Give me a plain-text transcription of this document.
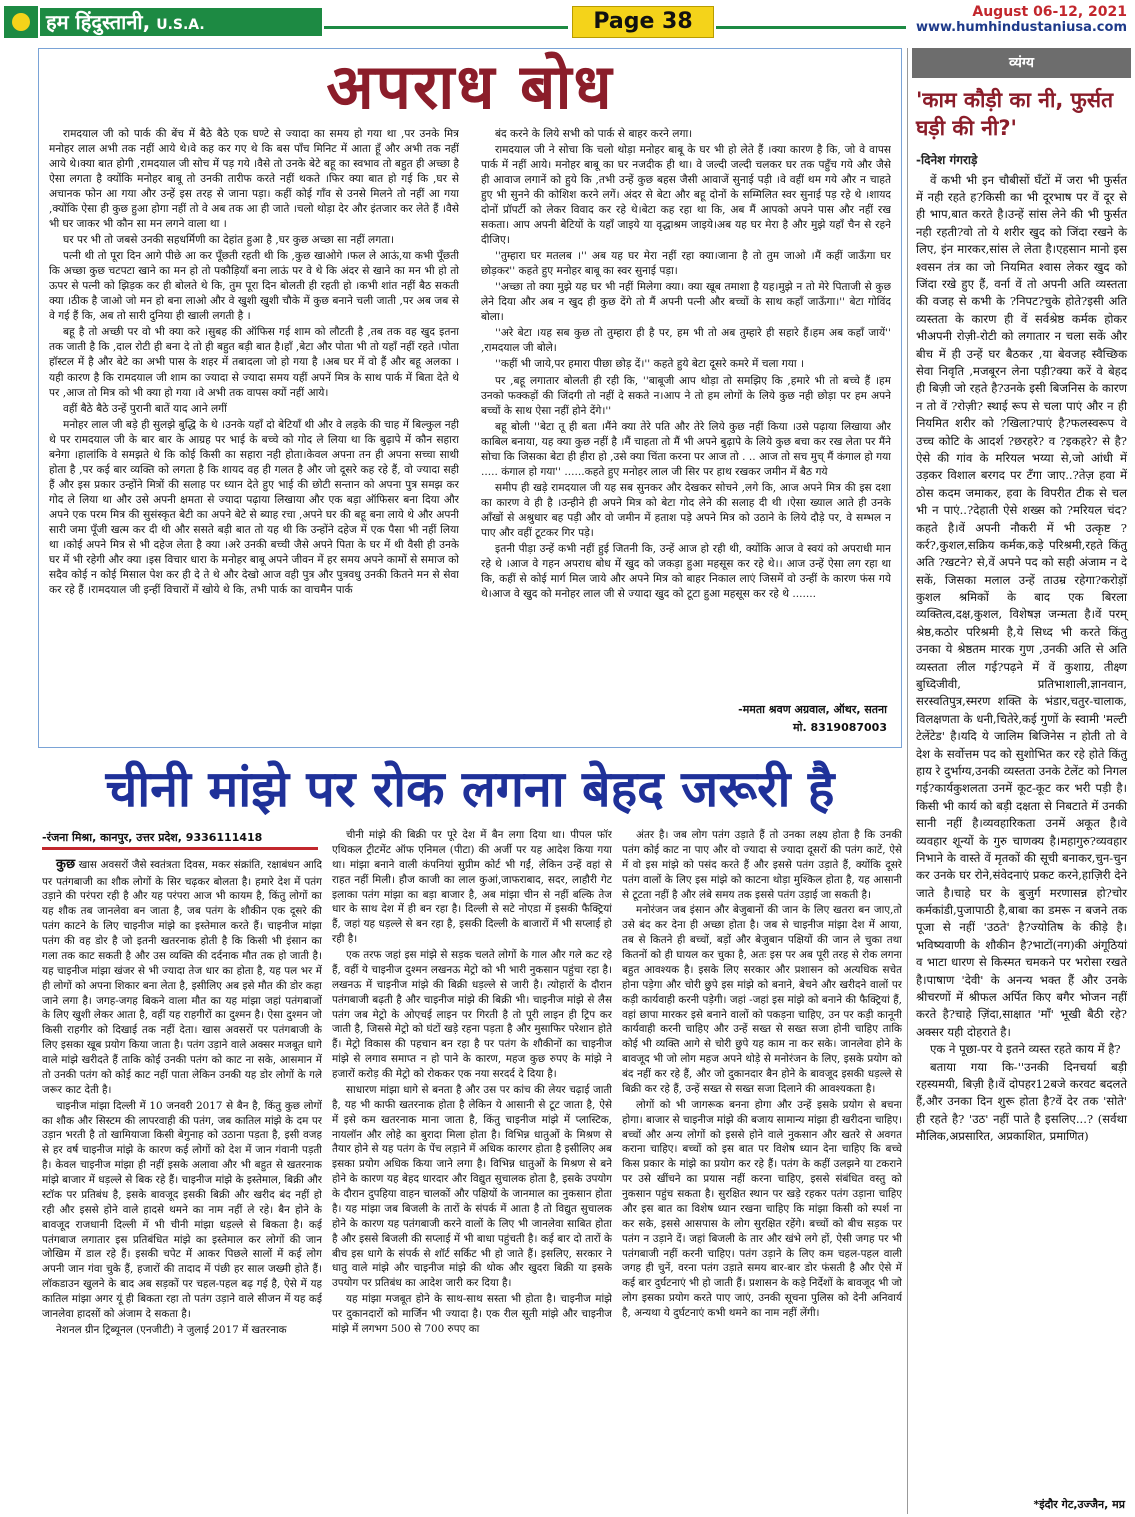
हम हिंदुस्तानी, U.S.A.	Page 38	August 06-12, 2021
www.humhindustaniusa.com
अपराध बोध

रामदयाल जी को पार्क की बेंच में बैठे बैठे एक घण्टे से ज्यादा का समय हो गया था ,पर उनके मित्र मनोहर लाल अभी तक नहीं आये थे।वे कह कर गए थे कि बस पाँच मिनिट में आता हूँ और अभी तक नहीं आये थे।क्या बात होगी ,रामदयाल जी सोच में पड़ गये ।वैसे तो उनके बेटे बहू का स्वभाव तो बहुत ही अच्छा है ऐसा लगता है क्योंकि मनोहर बाबू तो उनकी तारीफ करते नहीं थकते ।फिर क्या बात हो गई कि ,घर से अचानक फोन आ गया और उन्हें इस तरह से जाना पड़ा। कहीं कोई गाँव से उनसे मिलने तो नहीं आ गया ,क्योंकि ऐसा ही कुछ हुआ होगा नहीं तो वे अब तक आ ही जाते ।चलो थोड़ा देर और इंतजार कर लेते हैं ।वैसे भी घर जाकर भी कौन सा मन लगने वाला था ।

घर पर भी तो जबसे उनकी सहधर्मिणी का देहांत हुआ है ,घर कुछ अच्छा सा नहीं लगता।

पत्नी थी तो पूरा दिन आगे पीछे आ कर पूँछती रहती थी कि ,कुछ खाओगे ।फल ले आऊं,या कभी पूँछती कि अच्छा कुछ चटपटा खाने का मन हो तो पकौड़ियाँ बना लाऊं पर वे थे कि अंदर से खाने का मन भी हो तो ऊपर से पत्नी को झिड़क कर ही बोलते थे कि, तुम पूरा दिन बोलती ही रहती हो ।कभी शांत नहीं बैठ सकती क्या ।ठीक है जाओ जो मन हो बना लाओ और वे खुशी खुशी चौके में कुछ बनाने चली जाती ,पर अब जब से वे गई हैं कि, अब तो सारी दुनिया ही खाली लगती है ।

बहू है तो अच्छी पर वो भी क्या करे ।सुबह की ऑफिस गई शाम को लौटती है ,तब तक वह खुद इतना तक जाती है कि ,दाल रोटी ही बना दे तो ही बहुत बड़ी बात है।हाँ ,बेटा और पोता भी तो यहाँ नहीं रहते ।पोता हॉस्टल में है और बेटे का अभी पास के शहर में तबादला जो हो गया है ।अब घर में वो हैं और बहू अलका ।यही कारण है कि रामदयाल जी शाम का ज्यादा से ज्यादा समय यहीं अपनें मित्र के साथ पार्क में बिता देते थे पर ,आज तो मित्र को भी क्या हो गया ।वे अभी तक वापस क्यों नहीं आये।

वहीं बैठे बैठे उन्हें पुरानी बातें याद आने लगीं

मनोहर लाल जी बड़े ही सुलझे बुद्धि के थे ।उनके यहाँ दो बेटियाँ थी और वे लड़के की चाह में बिल्कुल नही थे पर रामदयाल जी के बार बार के आग्रह पर भाई के बच्चे को गोद ले लिया था कि बुढ़ापे में कौन सहारा बनेगा ।हालांकि वे समझते थे कि कोई किसी का सहारा नही होता।केवल अपना तन ही अपना सच्चा साथी होता है ,पर कई बार व्यक्ति को लगता है कि शायद वह ही गलत है और जो दूसरे कह रहे हैं, वो ज्यादा सही हैं और इस प्रकार उन्होंने मित्रों की सलाह पर ध्यान देते हुए भाई की छोटी सन्तान को अपना पुत्र समझ कर गोद ले लिया था और उसे अपनी क्षमता से ज्यादा पढ़ाया लिखाया और एक बड़ा ऑफिसर बना दिया और अपने एक परम मित्र की सुसंस्कृत बेटी का अपने बेटे से ब्याह रचा ,अपने घर की बहू बना लाये थे और अपनी सारी जमा पूँजी खत्म कर दी थी और ससते बड़ी बात तो यह थी कि उन्होंने दहेज में एक पैसा भी नहीं लिया था ।कोई अपने मित्र से भी दहेज लेता है क्या ।अरे उनकी बच्ची जैसे अपने पिता के घर में थी वैसी ही उनके घर में भी रहेगी और क्या ।इस विचार धारा के मनोहर बाबू अपने जीवन में हर समय अपने कामों से समाज को सदैव कोई न कोई मिसाल पेश कर ही दे ते थे और देखो आज वही पुत्र और पुत्रवधु उनकी कितने मन से सेवा कर रहे हैं ।रामदयाल जी इन्हीं विचारों में खोये थे कि, तभी पार्क का वाचमैन पार्क

बंद करने के लिये सभी को पार्क से बाहर करने लगा।

रामदयाल जी ने सोचा कि चलो थोड़ा मनोहर बाबू के घर भी हो लेते हैं ।क्या कारण है कि, जो वे वापस पार्क में नहीं आये। मनोहर बाबू का घर नजदीक ही था। वे जल्दी जल्दी चलकर घर तक पहुँच गये और जैसे ही आवाज लगानें को हुये कि ,तभी उन्हें कुछ बहस जैसी आवाजें सुनाई पड़ी ।वे वहीं थम गये और न चाहते हुए भी सुनने की कोशिश करने लगें। अंदर से बेटा और बहू दोनों के सम्मिलित स्वर सुनाई पड़ रहे थे ।शायद दोनों प्रॉपर्टी को लेकर विवाद कर रहे थे।बेटा कह रहा था कि, अब मैं आपको अपने पास और नहीं रख सकता। आप अपनी बेटियों के यहाँ जाइये या वृद्धाश्रम जाइये।अब यह घर मेरा है और मुझे यहाँ चैन से रहने दीजिए।

''तुम्हारा घर मतलब ।'' अब यह घर मेरा नहीं रहा क्या।जाना है तो तुम जाओ ।मैं कहीं जाऊँगा घर छोड़कर'' कहते हुए मनोहर बाबू का स्वर सुनाई पड़ा।

''अच्छा तो क्या मुझे यह घर भी नहीं मिलेगा क्या। क्या खूब तमाशा है यह।मुझे न तो मेरे पिताजी से कुछ लेने दिया और अब न खुद ही कुछ देंगे तो मैं अपनी पत्नी और बच्चों के साथ कहाँ जाऊँगा।'' बेटा गोविंद बोला।

''अरे बेटा ।यह सब कुछ तो तुम्हारा ही है पर, हम भी तो अब तुम्हारे ही सहारे हैं।हम अब कहाँ जायें'' ,रामदयाल जी बोले।

''कहीं भी जाये,पर हमारा पीछा छोड़ दें।'' कहते हुये बेटा दूसरे कमरे में चला गया ।

पर ,बहू लगातार बोलती ही रही कि, ''बाबूजी आप थोड़ा तो समझिए कि ,हमारे भी तो बच्चे हैं ।हम उनको फक्कड़ों की जिंदगी तो नहीं दे सकते न।आप ने तो हम लोगों के लिये कुछ नही छोड़ा पर हम अपने बच्चों के साथ ऐसा नहीं होने देंगे।''

बहू बोली ''बेटा तू ही बता ।मैंने क्या तेरे पति और तेरे लिये कुछ नहीं किया ।उसे पढ़ाया लिखाया और काबिल बनाया, यह क्या कुछ नहीं है ।मैं चाहता तो मैं भी अपने बुढ़ापे के लिये कुछ बचा कर रख लेता पर मैंने सोचा कि जिसका बेटा ही हीरा हो ,उसे क्या चिंता करना पर आज तो . .. आज तो सच मुच् मैं कंगाल हो गया ..... कंगाल हो गया'' ......कहते हुए मनोहर लाल जी सिर पर हाथ रखकर जमीन में बैठ गये

समीप ही खड़े रामदयाल जी यह सब सुनकर और देखकर सोचने ,लगे कि, आज अपने मित्र की इस दशा का कारण वे ही है ।उन्हीने ही अपने मित्र को बेटा गोद लेने की सलाह दी थी ।ऐसा ख्याल आते ही उनके आँखों से अश्रुधार बह पड़ी और वो जमीन में हताश पड़े अपने मित्र को उठाने के लिये दौड़े पर, वे सम्भल न पाए और वहीं टूटकर गिर पड़े।

इतनी पीड़ा उन्हें कभी नहीं हुई जितनी कि, उन्हें आज हो रही थी, क्योंकि आज वे स्वयं को अपराधी मान रहे थे ।आज वे गहन अपराध बोध में खुद को जकड़ा हुआ महसूस कर रहे थे।। आज उन्हें ऐसा लग रहा था कि, कहीं से कोई मार्ग मिल जाये और अपने मित्र को बाहर निकाल लाएं जिसमें वो उन्हीं के कारण फंस गये थे।आज वे खुद को मनोहर लाल जी से ज्यादा खुद को टूटा हुआ महसूस कर रहे थे .......

-ममता श्रवण अग्रवाल, ऑथर, सतना
मो. 8319087003
चीनी मांझे पर रोक लगना बेहद जरूरी है
-रंजना मिश्रा, कानपुर, उत्तर प्रदेश, 9336111418

कुछ खास अवसरों जैसे स्वतंत्रता दिवस, मकर संक्रांति, रक्षाबंधन आदि पर पतंगबाजी का शौक लोगों के सिर चढ़कर बोलता है। हमारे देश में पतंग उड़ाने की परंपरा रही है और यह परंपरा आज भी कायम है, किंतु लोगों का यह शौक तब जानलेवा बन जाता है, जब पतंग के शौकीन एक दूसरे की पतंग काटने के लिए चाइनीज मांझे का इस्तेमाल करते हैं। चाइनीज मांझा पतंग की वह डोर है जो इतनी खतरनाक होती है कि किसी भी इंसान का गला तक काट सकती है और उस व्यक्ति की दर्दनाक मौत तक हो जाती है। यह चाइनीज मांझा खंजर से भी ज्यादा तेज धार का होता है, यह पल भर में ही लोगों को अपना शिकार बना लेता है, इसीलिए अब इसे मौत की डोर कहा जाने लगा है। जगह-जगह बिकने वाला मौत का यह मांझा जहां पतंगबाजों के लिए खुशी लेकर आता है, वहीं यह राहगीरों का दुश्मन है। ऐसा दुश्मन जो किसी राहगीर को दिखाई तक नहीं देता। खास अवसरों पर पतंगबाजी के लिए इसका खूब प्रयोग किया जाता है। पतंग उड़ाने वाले अक्सर मजबूत धागे वाले मांझे खरीदते हैं ताकि कोई उनकी पतंग को काट ना सके, आसमान में तो उनकी पतंग को कोई काट नहीं पाता लेकिन उनकी यह डोर लोगों के गले जरूर काट देती है।

चाइनीज मांझा दिल्ली में 10 जनवरी 2017 से बैन है, किंतु कुछ लोगों का शौक और सिस्टम की लापरवाही की पतंग, जब कातिल मांझे के दम पर उड़ान भरती है तो खामियाजा किसी बेगुनाह को उठाना पड़ता है, इसी वजह से हर वर्ष चाइनीज मांझे के कारण कई लोगों को देश में जान गंवानी पड़ती है। केवल चाइनीज मांझा ही नहीं इसके अलावा और भी बहुत से खतरनाक मांझे बाजार में धड़ल्ले से बिक रहे हैं। चाइनीज मांझे के इस्तेमाल, बिक्री और स्टॉक पर प्रतिबंध है, इसके बावजूद इसकी बिक्री और खरीद बंद नहीं हो रही और इससे होने वाले हादसे थमने का नाम नहीं ले रहे। बैन होने के बावजूद राजधानी दिल्ली में भी चीनी मांझा धड़ल्ले से बिकता है। कई पतंगबाज लगातार इस प्रतिबंधित मांझे का इस्तेमाल कर लोगों की जान जोखिम में डाल रहे हैं। इसकी चपेट में आकर पिछले सालों में कई लोग अपनी जान गंवा चुके हैं, हजारों की तादाद में पंछी हर साल जख्मी होते हैं। लॉकडाउन खुलने के बाद अब सड़कों पर चहल-पहल बढ़ गई है, ऐसे में यह कातिल मांझा अगर यूं ही बिकता रहा तो पतंग उड़ाने वाले सीजन में यह कई जानलेवा हादसों को अंजाम दे सकता है।

नेशनल ग्रीन ट्रिब्यूनल (एनजीटी) ने जुलाई 2017 में खतरनाक

चीनी मांझे की बिक्री पर पूरे देश में बैन लगा दिया था। पीपल फॉर एथिकल ट्रीटमेंट ऑफ एनिमल (पीटा) की अर्जी पर यह आदेश किया गया था। मांझा बनाने वाली कंपनियां सुप्रीम कोर्ट भी गईं, लेकिन उन्हें वहां से राहत नहीं मिली। हौज काजी का लाल कुआं,जाफराबाद, सदर, लाहौरी गेट इलाका पतंग मांझा का बड़ा बाजार है, अब मांझा चीन से नहीं बल्कि तेज धार के साथ देश में ही बन रहा है। दिल्ली से सटे नोएडा में इसकी फैक्ट्रियां हैं, जहां यह धड़ल्ले से बन रहा है, इसकी दिल्ली के बाजारों में भी सप्लाई हो रही है।

एक तरफ जहां इस मांझे से सड़क चलते लोगों के गाल और गले कट रहे हैं, वहीं ये चाइनीज दुश्मन लखनऊ मेट्रो को भी भारी नुकसान पहुंचा रहा है। लखनऊ में चाइनीज मांझे की बिक्री धड़ल्ले से जारी है। त्योहारों के दौरान पतंगबाजी बढ़ती है और चाइनीज मांझे की बिक्री भी। चाइनीज मांझे से लैस पतंग जब मेट्रो के ओएचई लाइन पर गिरती है तो पूरी लाइन ही ट्रिप कर जाती है, जिससे मेट्रो को घंटों खड़े रहना पड़ता है और मुसाफिर परेशान होते हैं। मेट्रो विकास की पहचान बन रहा है पर पतंग के शौकीनों का चाइनीज मांझे से लगाव समाप्त न हो पाने के कारण, महज कुछ रुपए के मांझे ने हजारों करोड़ की मेट्रो को रोककर एक नया सरदर्द दे दिया है।

साधारण मांझा धागे से बनता है और उस पर कांच की लेयर चढ़ाई जाती है, यह भी काफी खतरनाक होता है लेकिन ये आसानी से टूट जाता है, ऐसे में इसे कम खतरनाक माना जाता है, किंतु चाइनीज मांझे में प्लास्टिक, नायलॉन और लोहे का बुरादा मिला होता है। विभिन्न धातुओं के मिश्रण से तैयार होने से यह पतंग के पेंच लड़ाने में अधिक कारगर होता है इसीलिए अब इसका प्रयोग अधिक किया जाने लगा है। विभिन्न धातुओं के मिश्रण से बने होने के कारण यह बेहद धारदार और विद्युत सुचालक होता है, इसके उपयोग के दौरान दुपहिया वाहन चालकों और पक्षियों के जानमाल का नुकसान होता है। यह मांझा जब बिजली के तारों के संपर्क में आता है तो विद्युत सुचालक होने के कारण यह पतंगबाजी करने वालों के लिए भी जानलेवा साबित होता है और इससे बिजली की सप्लाई में भी बाधा पहुंचती है। कई बार दो तारों के बीच इस धागे के संपर्क से शॉर्ट सर्किट भी हो जाते हैं। इसलिए, सरकार ने धातु वाले मांझे और चाइनीज मांझे की थोक और खुदरा बिक्री या इसके उपयोग पर प्रतिबंध का आदेश जारी कर दिया है।

यह मांझा मजबूत होने के साथ-साथ सस्ता भी होता है। चाइनीज मांझे पर दुकानदारों को मार्जिन भी ज्यादा है। एक रील सूती मांझे और चाइनीज मांझे में लगभग 500 से 700 रुपए का

अंतर है। जब लोग पतंग उड़ाते हैं तो उनका लक्ष्य होता है कि उनकी पतंग कोई काट ना पाए और वो ज्यादा से ज्यादा दूसरों की पतंग काटें, ऐसे में वो इस मांझे को पसंद करते हैं और इससे पतंग उड़ाते हैं, क्योंकि दूसरे पतंग वालों के लिए इस मांझे को काटना थोड़ा मुश्किल होता है, यह आसानी से टूटता नहीं है और लंबे समय तक इससे पतंग उड़ाई जा सकती है।

मनोरंजन जब इंसान और बेजुबानों की जान के लिए खतरा बन जाए,तो उसे बंद कर देना ही अच्छा होता है। जब से चाइनीज मांझा देश में आया, तब से कितने ही बच्चों, बड़ों और बेजुबान पक्षियों की जान ले चुका तथा कितनों को ही घायल कर चुका है, अतः इस पर अब पूरी तरह से रोक लगना बहुत आवश्यक है। इसके लिए सरकार और प्रशासन को अत्यधिक सचेत होना पड़ेगा और चोरी छुपे इस मांझे को बनाने, बेचने और खरीदने वालों पर कड़ी कार्यवाही करनी पड़ेगी। जहां -जहां इस मांझे को बनाने की फैक्ट्रियां हैं, वहां छापा मारकर इसे बनाने वालों को पकड़ना चाहिए, उन पर कड़ी कानूनी कार्यवाही करनी चाहिए और उन्हें सख्त से सख्त सजा होनी चाहिए ताकि कोई भी व्यक्ति आगे से चोरी छुपे यह काम ना कर सके। जानलेवा होने के बावजूद भी जो लोग महज अपने थोड़े से मनोरंजन के लिए, इसके प्रयोग को बंद नहीं कर रहे हैं, और जो दुकानदार बैन होने के बावजूद इसकी धड़ल्ले से बिक्री कर रहे हैं, उन्हें सख्त से सख्त सजा दिलाने की आवश्यकता है।

लोगों को भी जागरूक बनना होगा और उन्हें इसके प्रयोग से बचना होगा। बाजार से चाइनीज मांझे की बजाय सामान्य मांझा ही खरीदना चाहिए। बच्चों और अन्य लोगों को इससे होने वाले नुकसान और खतरे से अवगत कराना चाहिए। बच्चों को इस बात पर विशेष ध्यान देना चाहिए कि बच्चे किस प्रकार के मांझे का प्रयोग कर रहे हैं। पतंग के कहीं उलझने या टकराने पर उसे खींचने का प्रयास नहीं करना चाहिए, इससे संबंधित वस्तु को नुकसान पहुंच सकता है। सुरक्षित स्थान पर खड़े रहकर पतंग उड़ाना चाहिए और इस बात का विशेष ध्यान रखना चाहिए कि मांझा किसी को स्पर्श ना कर सके, इससे आसपास के लोग सुरक्षित रहेंगे। बच्चों को बीच सड़क पर पतंग न उड़ाने दें। जहां बिजली के तार और खंभे लगे हों, ऐसी जगह पर भी पतंगबाजी नहीं करनी चाहिए। पतंग उड़ाने के लिए कम चहल-पहल वाली जगह ही चुनें, वरना पतंग उड़ाते समय बार-बार डोर फंसती है और ऐसे में कई बार दुर्घटनाएं भी हो जाती हैं। प्रशासन के कड़े निर्देशों के बावजूद भी जो लोग इसका प्रयोग करते पाए जाएं, उनकी सूचना पुलिस को देनी अनिवार्य है, अन्यथा ये दुर्घटनाएं कभी थमने का नाम नहीं लेंगी।

व्यंग्य
'काम कौड़ी का नी, फुर्सत घड़ी की नी?'
-दिनेश गंगराड़े

वें कभी भी इन चौबीसों घँटों में जरा भी फुर्सत में नही रहते ह?किसी का भी दूरभाष पर वें दूर से ही भाप,बात करते है।उन्हें सांस लेने की भी फुर्सत नही रहती?वो तो ये शरीर खुद को जिंदा रखने के लिए, इंन मारकर,सांस ले लेता है।एहसान मानो इस श्वसन तंत्र का जो नियमित श्वास लेकर खुद को जिंदा रखे हुए हैं, वर्ना वें तो अपनी अति व्यस्तता की वजह से कभी के ?निपट?चुके होते?इसी अति व्यस्तता के कारण ही वें सर्वश्रेष्ठ कर्मक होकर भीअपनी रोज़ी-रोटी को लगातार न चला सकें और बीच में ही उन्हें घर बैठकर ,या बेवजह स्वैच्छिक सेवा निवृति ,मजबूरन लेना पड़ी?क्या करें वे बेहद ही बिज़ी जो रहते है?उनके इसी बिजनिस के कारण न तो वें ?रोज़ी? स्थाई रूप से चला पाएं और न ही नियमित शरीर को ?खिला?पाएं है?फलस्वरूप वे उच्च कोटि के आदर्श ?छरहरे? व ?इकहरे? से है?ऐसे की गांव के मरियल भय्या से,जो आंधी में उड़कर विशाल बरगद पर टँगा जाए..?तेज़ हवा में ठोस कदम जमाकर, हवा के विपरीत टीक से चल भी न पाएं..?देहाती ऐसे शख्स को ?मरियल चंद?कहते है।वें अपनी नौकरी में भी उत्कृष्ट ?कर्र?,कुशल,सक्रिय कर्मक,कड़े परिश्रमी,रहते किंतु अति ?खटने? से,वें अपने पद को सही अंजाम न दे सकें, जिसका मलाल उन्हें ताउम्र रहेगा?करोड़ों कुशल श्रमिकों के बाद एक बिरला व्यक्तित्व,दक्ष,कुशल, विशेषज्ञ जन्मता है।वें परम् श्रेष्ठ,कठोर परिश्रमी है,ये सिध्द भी करते किंतु उनका ये श्रेष्ठतम मारक गुण ,उनकी अति से अति व्यस्तता लील गई?पढ़ने में वें कुशाग्र, तीक्ष्ण बुध्दिजीवी, प्रतिभाशाली,ज्ञानवान, सरस्वतिपुत्र,स्मरण शक्ति के भंडार,चतुर-चालाक, विलक्षणता के धनी,चितेरे,कई गुणों के स्वामी 'मल्टी टेलेंटेड' है।यदि ये जालिम बिजिनेस न होती तो वे देश के सर्वोत्तम पद को सुशोभित कर रहे होते किंतु हाय रे दुर्भाग्य,उनकी व्यस्तता उनके टेलेंट को निगल गई?कार्यकुशलता उनमें कूट-कूट कर भरी पड़ी है।किसी भी कार्य को बड़ी दक्षता से निबटाते में उनकी सानी नहीं है।व्यवहारिकता उनमें अकूत है।वे व्यवहार शून्यों के गुरु चाणक्य है।महागुरु?व्यवहार निभाने के वास्ते वें मृतकों की सूची बनाकर,चुन-चुन कर उनके घर रोने,संवेदनाएं प्रकट करने,हाज़िरी देने जाते है।चाहे घर के बुजुर्ग मरणासन्न हो?चोर कर्मकांडी,पुजापाठी है,बाबा का डमरू न बजने तक पूजा से नहीं 'उठते' है?ज्योतिष के कीड़े है।भविष्यवाणी के शौकीन है?भाटों(नग)की अंगूठियां व भाटा धारण से किस्मत चमकने पर भरोसा रखते है।पाषाण 'देवी' के अनन्य भक्त हैं और उनके श्रीचरणों में श्रीफल अर्पित किए बगैर भोजन नहीं करते है?चाहे ज़िंदा,साक्षात 'माँ' भूखी बैठी रहे?अक्सर यही दोहराते है।

एक ने पूछा-पर ये इतने व्यस्त रहते काय में है?

बताया गया कि-''उनकी दिनचर्या बड़ी रहस्यमयी, बिज़ी है।वें दोपहर12बजे करवट बदलते हैं,और उनका दिन शुरू होता है?वें देर तक 'सोते' ही रहते है? 'उठ' नहीं पाते है इसलिए...? (सर्वथा मौलिक,अप्रसारित, अप्रकाशित, प्रमाणित)

*इंदौर गेट,उज्जैन, मप्र
